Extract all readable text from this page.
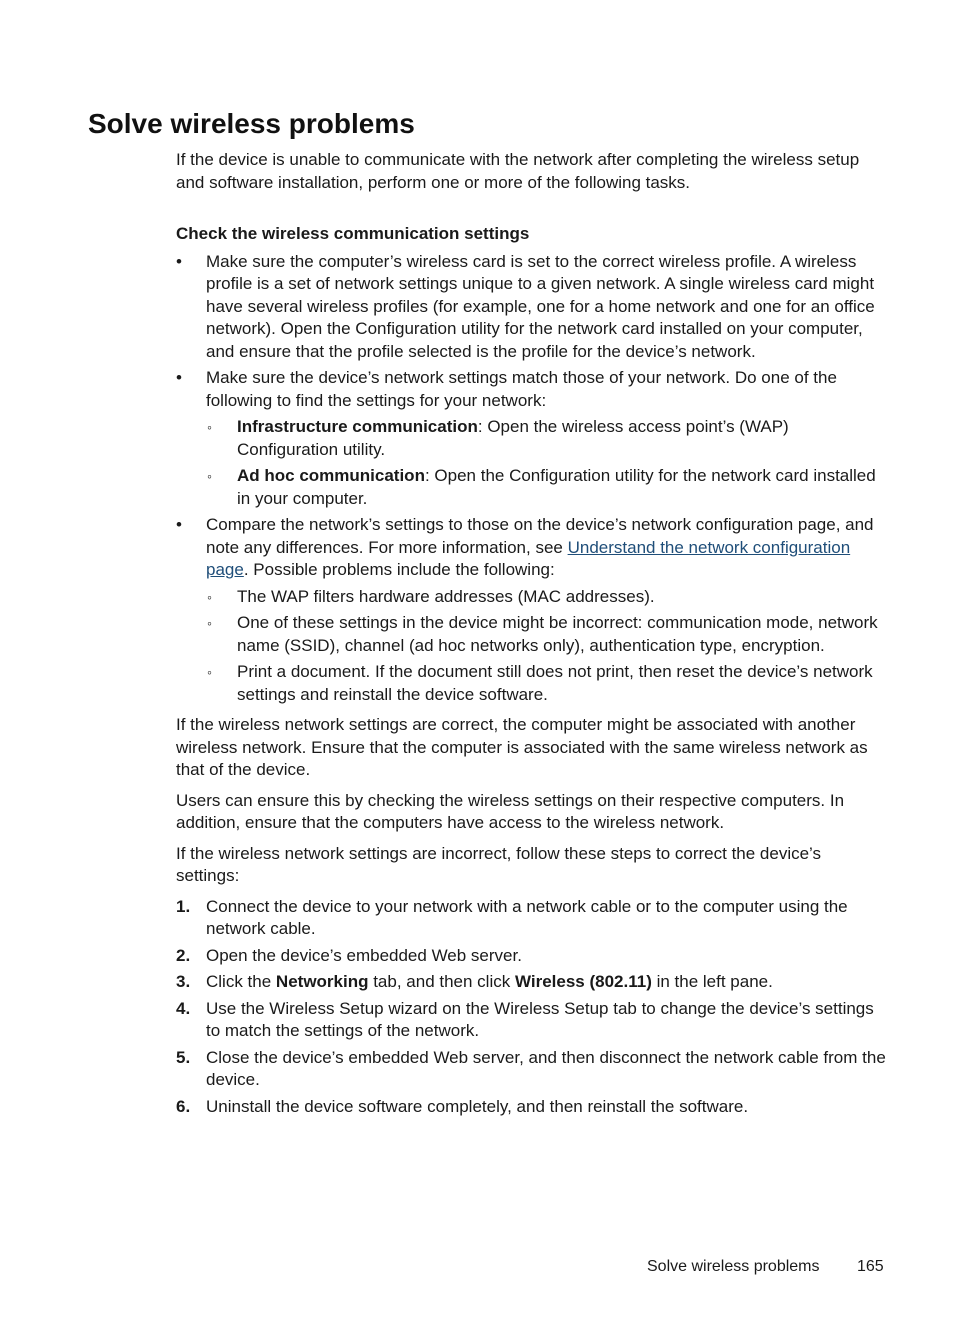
Solve wireless problems

If the device is unable to communicate with the network after completing the wireless setup and software installation, perform one or more of the following tasks.

Check the wireless communication settings

• Make sure the computer’s wireless card is set to the correct wireless profile. A wireless profile is a set of network settings unique to a given network. A single wireless card might have several wireless profiles (for example, one for a home network and one for an office network). Open the Configuration utility for the network card installed on your computer, and ensure that the profile selected is the profile for the device’s network.
• Make sure the device’s network settings match those of your network. Do one of the following to find the settings for your network:
◦ Infrastructure communication: Open the wireless access point’s (WAP) Configuration utility.
◦ Ad hoc communication: Open the Configuration utility for the network card installed in your computer.
• Compare the network’s settings to those on the device’s network configuration page, and note any differences. For more information, see Understand the network configuration page. Possible problems include the following:
◦ The WAP filters hardware addresses (MAC addresses).
◦ One of these settings in the device might be incorrect: communication mode, network name (SSID), channel (ad hoc networks only), authentication type, encryption.
◦ Print a document. If the document still does not print, then reset the device’s network settings and reinstall the device software.

If the wireless network settings are correct, the computer might be associated with another wireless network. Ensure that the computer is associated with the same wireless network as that of the device.

Users can ensure this by checking the wireless settings on their respective computers. In addition, ensure that the computers have access to the wireless network.

If the wireless network settings are incorrect, follow these steps to correct the device’s settings:

1. Connect the device to your network with a network cable or to the computer using the network cable.
2. Open the device’s embedded Web server.
3. Click the Networking tab, and then click Wireless (802.11) in the left pane.
4. Use the Wireless Setup wizard on the Wireless Setup tab to change the device’s settings to match the settings of the network.
5. Close the device’s embedded Web server, and then disconnect the network cable from the device.
6. Uninstall the device software completely, and then reinstall the software.
Solve wireless problems 165
